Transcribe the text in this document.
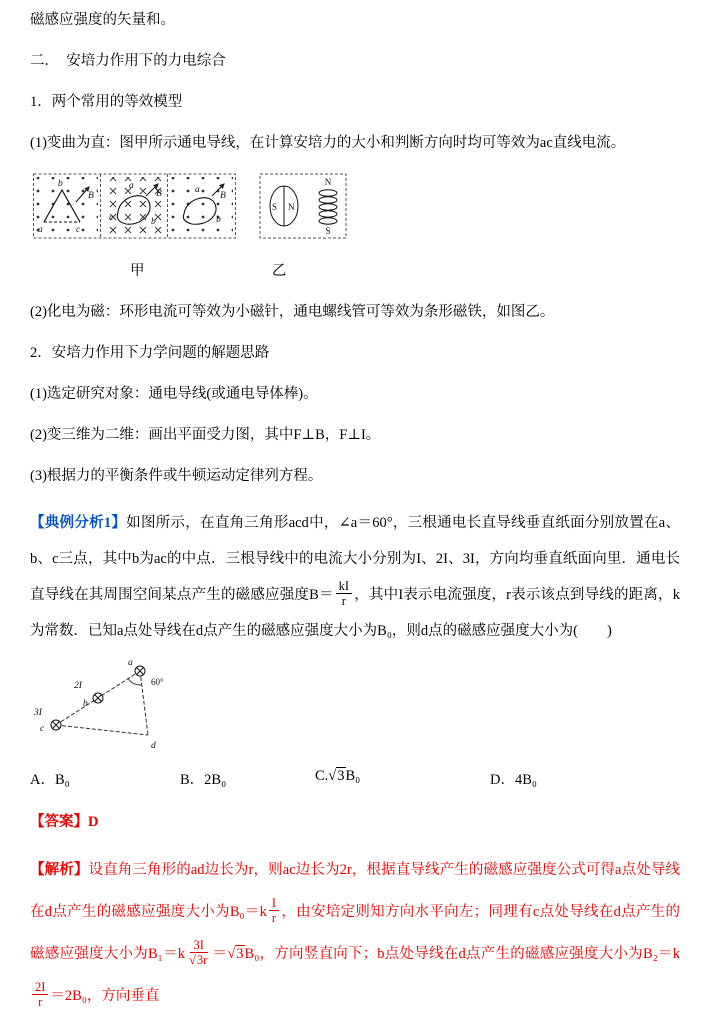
磁感应强度的矢量和。

二．　安培力作用下的力电综合

1．两个常用的等效模型

(1)变曲为直：图甲所示通电导线，在计算安培力的大小和判断方向时均可等效为ac直线电流。

a
b
c
B
a
b
c
B	a
b
B
S N
N
S
甲	乙

(2)化电为磁：环形电流可等效为小磁针，通电螺线管可等效为条形磁铁，如图乙。

2．安培力作用下力学问题的解题思路

(1)选定研究对象：通电导线(或通电导体棒)。

(2)变三维为二维：画出平面受力图，其中F⊥B，F⊥I。

(3)根据力的平衡条件或牛顿运动定律列方程。

【典例分析1】如图所示，在直角三角形acd中，∠a＝60°，三根通电长直导线垂直纸面分别放置在a、b、c三点，其中b为ac的中点．三根导线中的电流大小分别为I、2I、3I，方向均垂直纸面向里．通电长直导线在其周围空间某点产生的磁感应强度$B= \frac{kI}{r}$ ，其中I表示电流强度，r表示该点到导线的距离，k为常数．已知a点处导线在d点产生的磁感应强度大小为B₀，则d点的磁感应强度大小为(　　)

a
60°
2I
b
3I
c
d
A．B₀	B．2B₀	C.√3B₀	D．4B₀

【答案】D

【解析】设直角三角形的ad边长为r，则ac边长为2r，根据直导线产生的磁感应强度公式可得a点处导线在d点产生的磁感应强度大小为$B_0=k \frac{I}{r}$ ，由安培定则知方向水平向左；同理有c点处导线在d点产生的磁感应强度大小为$B_1=k \frac{3I}{√3r} =√3B_0$，方向竖直向下；b点处导线在d点产生的磁感应强度大小为B₂＝k
$\frac{2I}{r} =2B_0$，方向垂直
